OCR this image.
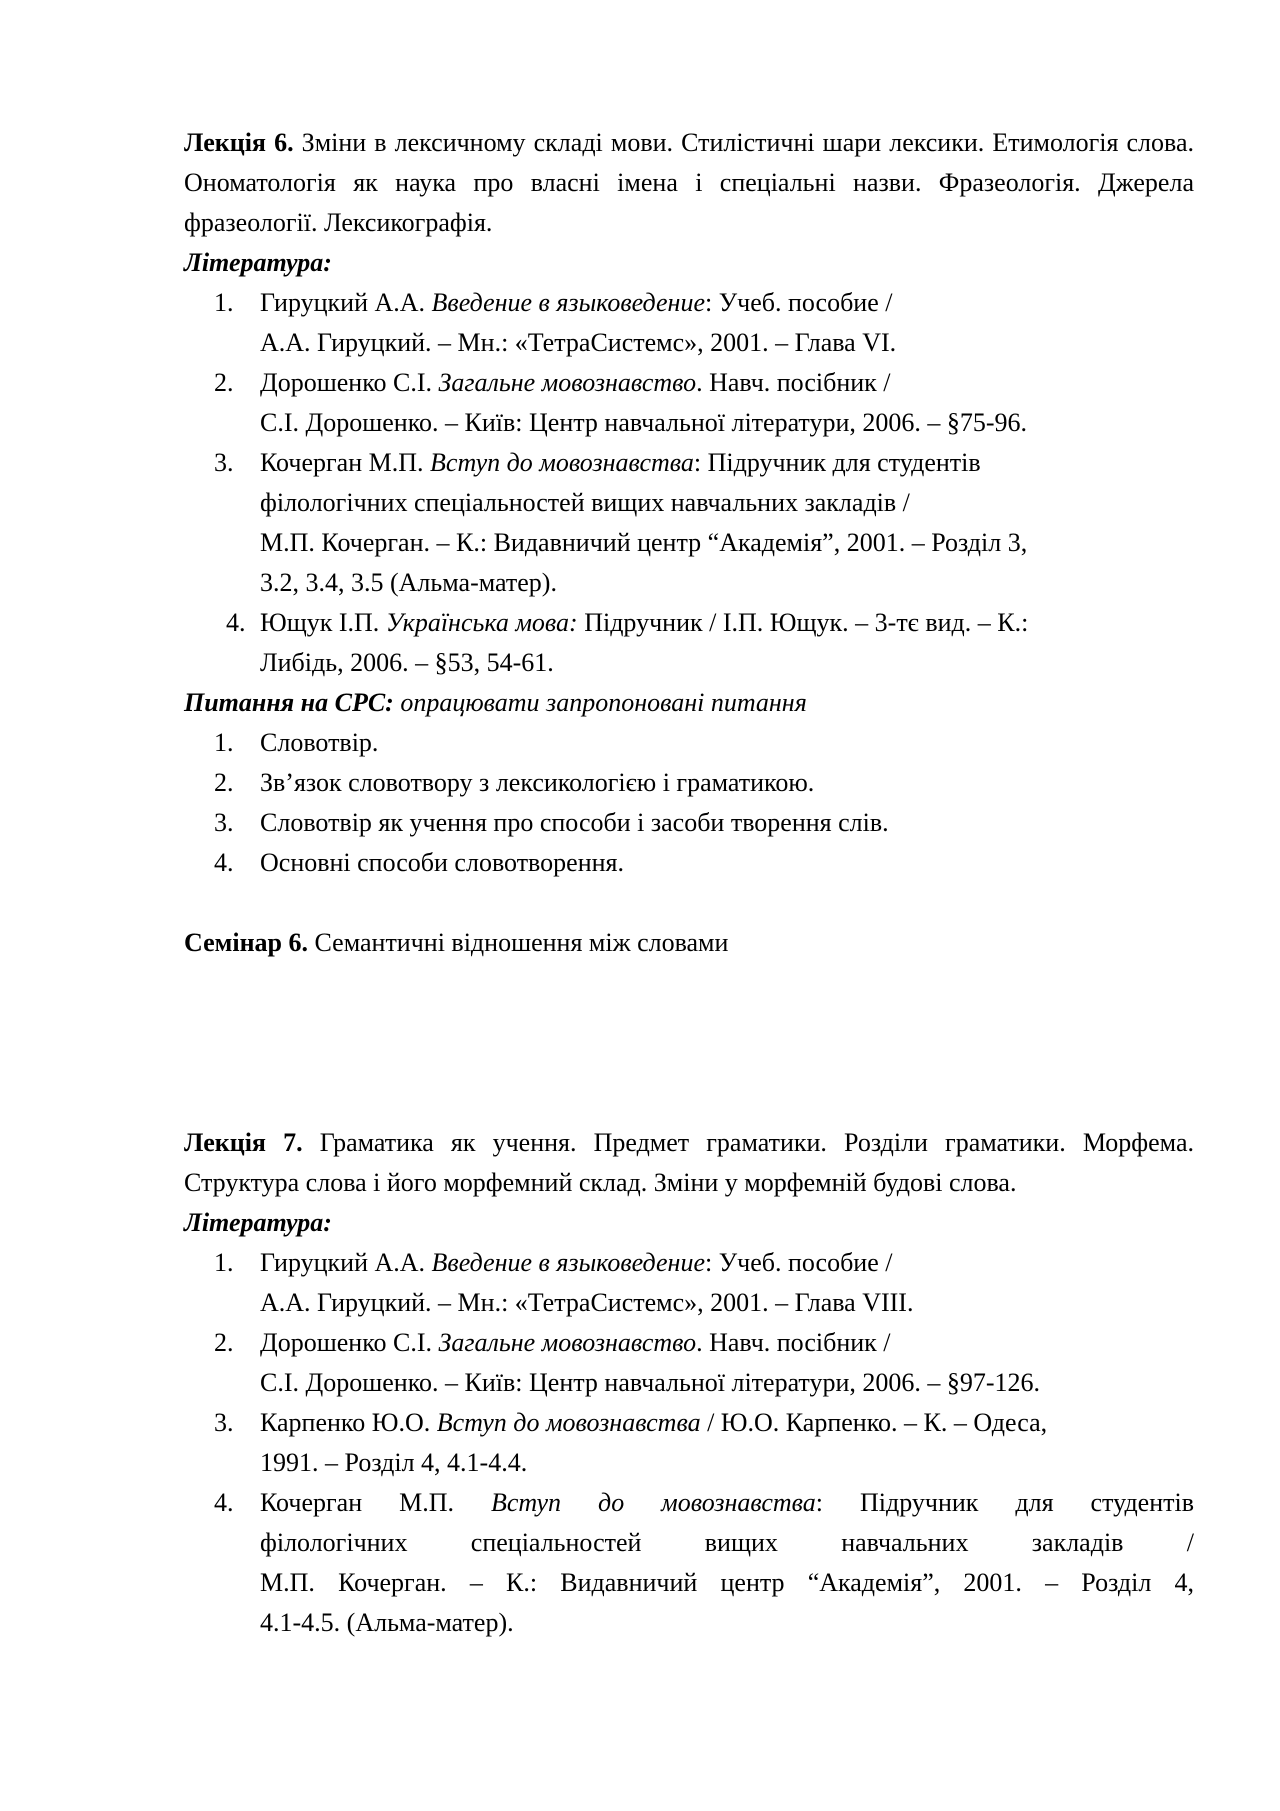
Лекція 6. Зміни в лексичному складі мови. Стилістичні шари лексики. Етимологія слова. Ономатологія як наука про власні імена і спеціальні назви. Фразеологія. Джерела фразеології. Лексикографія.

Література:

1. Гируцкий А.А. Введение в языковедение: Учеб. пособие /
А.А. Гируцкий. – Мн.: «ТетраСистемс», 2001. – Глава VI.
2. Дорошенко С.І. Загальне мовознавство. Навч. посібник /
С.І. Дорошенко. – Київ: Центр навчальної літератури, 2006. – §75-96.
3. Кочерган М.П. Вступ до мовознавства: Підручник для студентів
філологічних спеціальностей вищих навчальних закладів /
М.П. Кочерган. – К.: Видавничий центр “Академія”, 2001. – Розділ 3,
3.2, 3.4, 3.5 (Альма-матер).
4. Ющук І.П. Українська мова: Підручник / І.П. Ющук. – 3-тє вид. – К.:
Либідь, 2006. – §53, 54-61.

Питання на СРС: опрацювати запропоновані питання

1. Словотвір.
2. Зв’язок словотвору з лексикологією і граматикою.
3. Словотвір як учення про способи і засоби творення слів.
4. Основні способи словотворення.

Семінар 6. Семантичні відношення між словами

Лекція 7. Граматика як учення. Предмет граматики. Розділи граматики. Морфема. Структура слова і його морфемний склад. Зміни у морфемній будові слова.

Література:

1. Гируцкий А.А. Введение в языковедение: Учеб. пособие /
А.А. Гируцкий. – Мн.: «ТетраСистемс», 2001. – Глава VIII.
2. Дорошенко С.І. Загальне мовознавство. Навч. посібник /
С.І. Дорошенко. – Київ: Центр навчальної літератури, 2006. – §97-126.
3. Карпенко Ю.О. Вступ до мовознавства / Ю.О. Карпенко. – К. – Одеса,
1991. – Розділ 4, 4.1-4.4.
4. Кочерган М.П. Вступ до мовознавства: Підручник для студентів
філологічних спеціальностей вищих навчальних закладів /
М.П. Кочерган. – К.: Видавничий центр “Академія”, 2001. – Розділ 4,
4.1-4.5. (Альма-матер).
